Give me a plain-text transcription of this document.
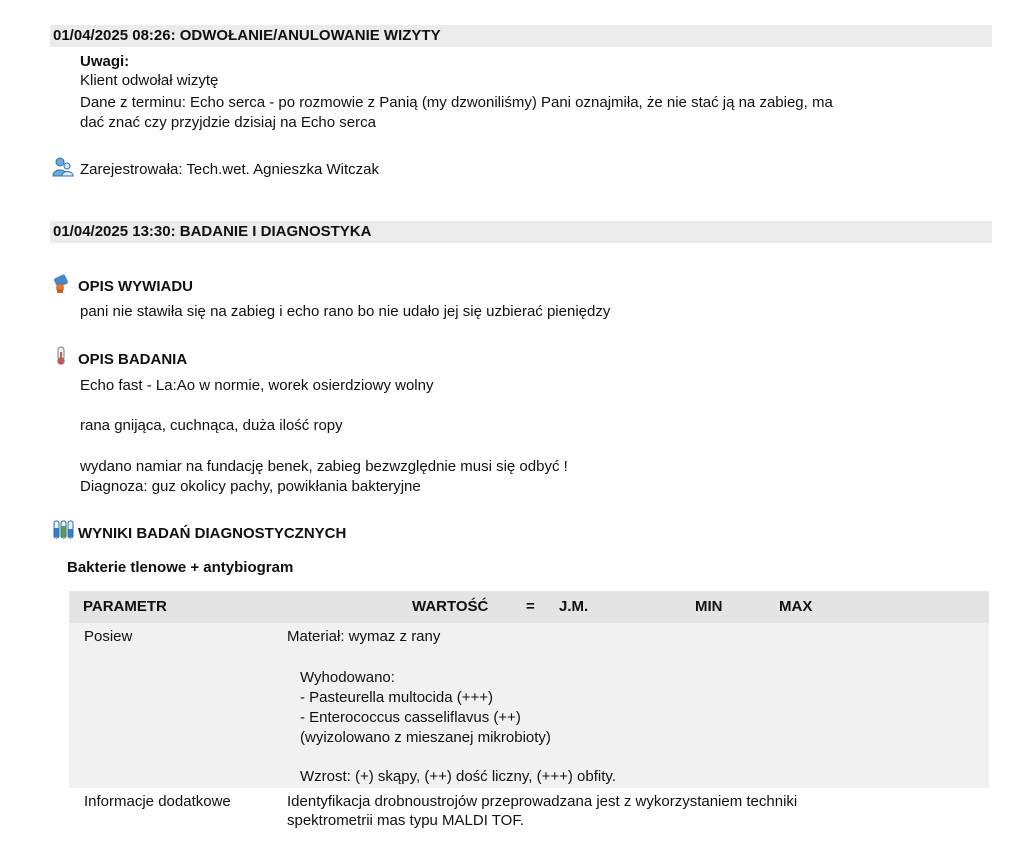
01/04/2025 08:26: ODWOŁANIE/ANULOWANIE WIZYTY
Uwagi:
Klient odwołał wizytę
Dane z terminu: Echo serca - po rozmowie z Panią (my dzwoniliśmy) Pani oznajmiła, że nie stać ją na zabieg, ma
dać znać czy przyjdzie dzisiaj na Echo serca
Zarejestrowała: Tech.wet. Agnieszka Witczak
01/04/2025 13:30: BADANIE I DIAGNOSTYKA
OPIS WYWIADU
pani nie stawiła się na zabieg i echo rano bo nie udało jej się uzbierać pieniędzy
OPIS BADANIA
Echo fast - La:Ao w normie, worek osierdziowy wolny
rana gnijąca, cuchnąca, duża ilość ropy
wydano namiar na fundację benek, zabieg bezwzględnie musi się odbyć !
Diagnoza: guz okolicy pachy, powikłania bakteryjne
WYNIKI BADAŃ DIAGNOSTYCZNYCH
Bakterie tlenowe + antybiogram
PARAMETR	WARTOŚĆ	= J.M.	MIN	MAX
Posiew	Materiał: wymaz z rany
Wyhodowano:
- Pasteurella multocida (+++)
- Enterococcus casseliflavus (++)
(wyizolowano z mieszanej mikrobioty)
Wzrost: (+) skąpy, (++) dość liczny, (+++) obfity.
Informacje dodatkowe	Identyfikacja drobnoustrojów przeprowadzana jest z wykorzystaniem techniki
spektrometrii mas typu MALDI TOF.
